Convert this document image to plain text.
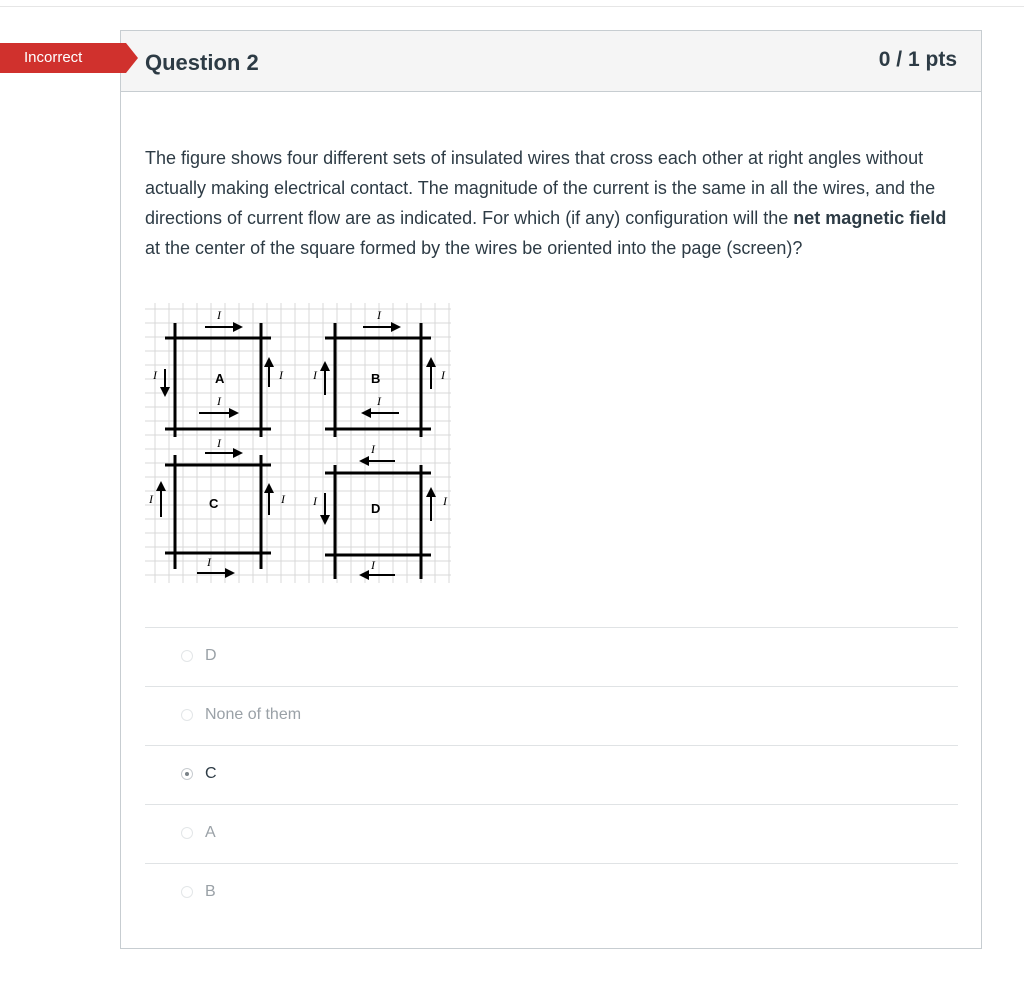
Question 2	0 / 1 pts
The figure shows four different sets of insulated wires that cross each other at right angles without actually making electrical contact. The magnitude of the current is the same in all the wires, and the directions of current flow are as indicated. For which (if any) configuration will the net magnetic field at the center of the square formed by the wires be oriented into the page (screen)?
A
I
I	I
I
B
I
I	I
I
C
I
I	I
I
D
I
I	I
I
D
None of them
C
A
B
Incorrect
